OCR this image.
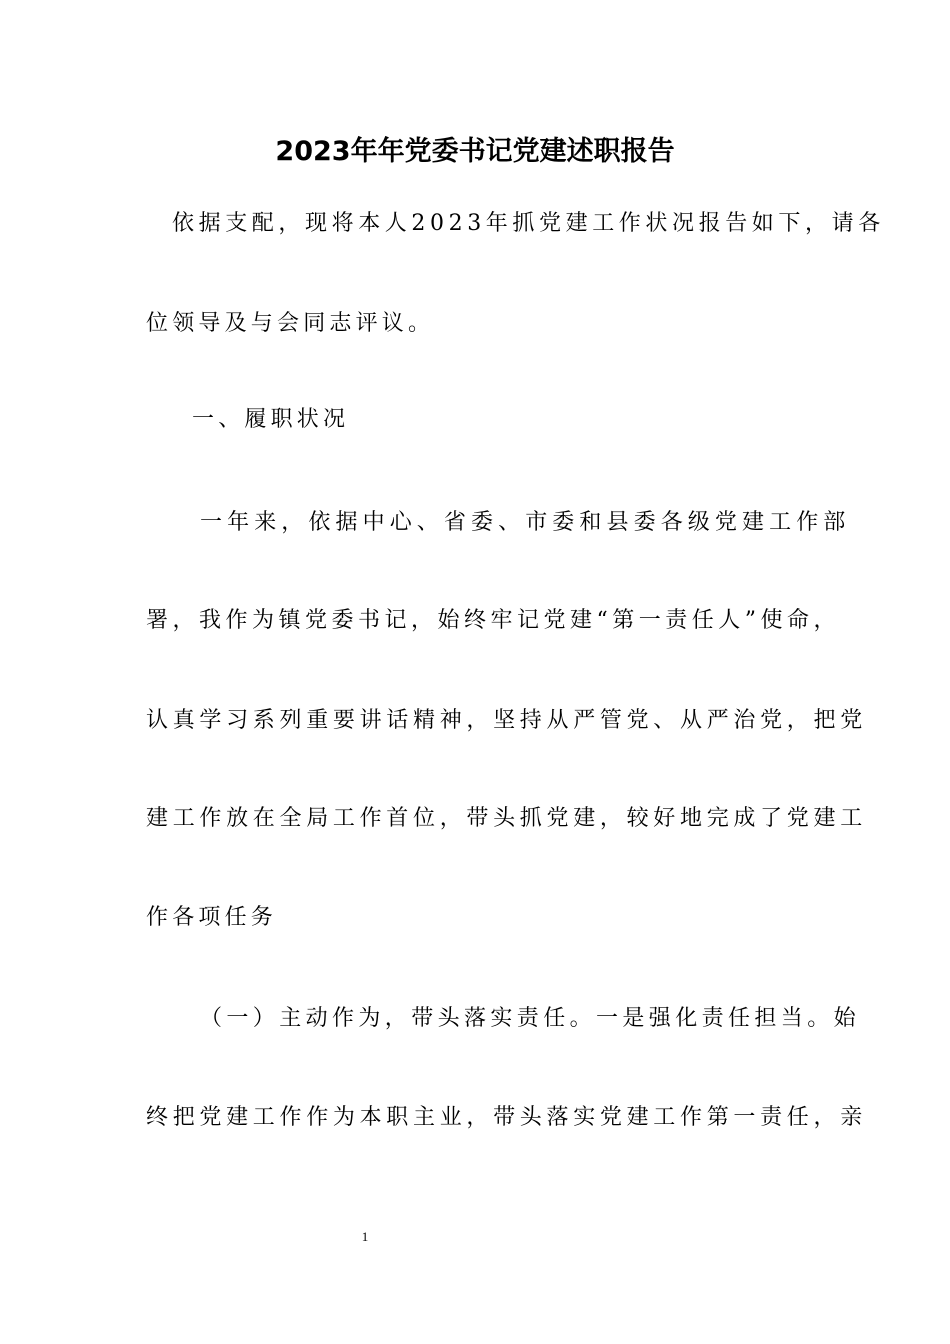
2023年年党委书记党建述职报告
依据支配，现将本人2023年抓党建工作状况报告如下，请各
位领导及与会同志评议。
一、履职状况
一年来，依据中心、省委、市委和县委各级党建工作部
署，我作为镇党委书记，始终牢记党建“第一责任人”使命，
认真学习系列重要讲话精神，坚持从严管党、从严治党，把党
建工作放在全局工作首位，带头抓党建，较好地完成了党建工
作各项任务
（一）主动作为，带头落实责任。一是强化责任担当。始
终把党建工作作为本职主业，带头落实党建工作第一责任，亲
1
